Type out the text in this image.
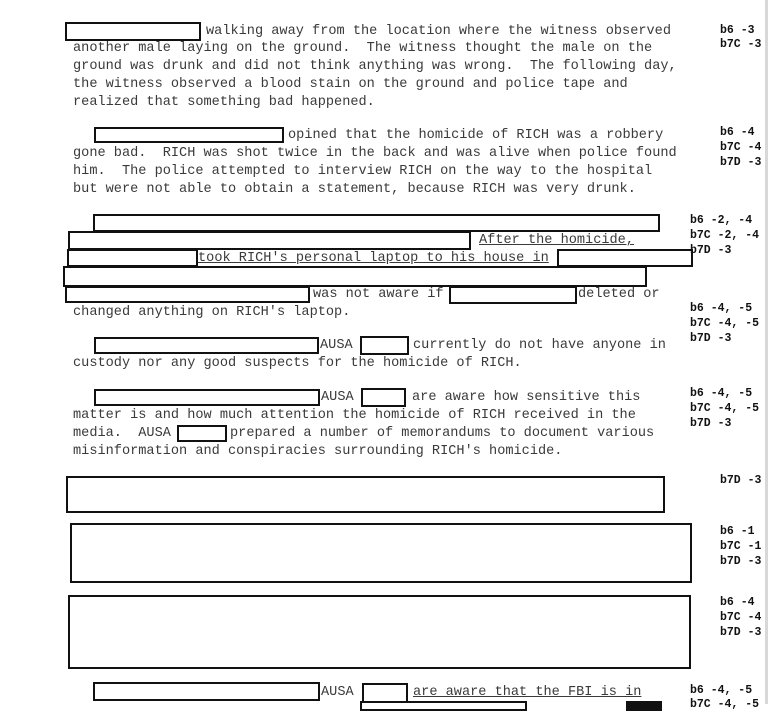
walking away from the location where the witness observed
another male laying on the ground.  The witness thought the male on the
ground was drunk and did not think anything was wrong.  The following day,
the witness observed a blood stain on the ground and police tape and
realized that something bad happened.
opined that the homicide of RICH was a robbery
gone bad.  RICH was shot twice in the back and was alive when police found
him.  The police attempted to interview RICH on the way to the hospital
but were not able to obtain a statement, because RICH was very drunk.
After the homicide,
took RICH's personal laptop to his house in
was not aware if	deleted or
changed anything on RICH's laptop.
AUSA	currently do not have anyone in
custody nor any good suspects for the homicide of RICH.
AUSA	are aware how sensitive this
matter is and how much attention the homicide of RICH received in the
media.  AUSA	prepared a number of memorandums to document various
misinformation and conspiracies surrounding RICH's homicide.
AUSA	are aware that the FBI is in
b6 -3
b7C -3
b6 -4
b7C -4
b7D -3
b6 -2, -4
b7C -2, -4
b7D -3
b6 -4, -5
b7C -4, -5
b7D -3
b6 -4, -5
b7C -4, -5
b7D -3
b7D -3
b6 -1
b7C -1
b7D -3
b6 -4
b7C -4
b7D -3
b6 -4, -5
b7C -4, -5
